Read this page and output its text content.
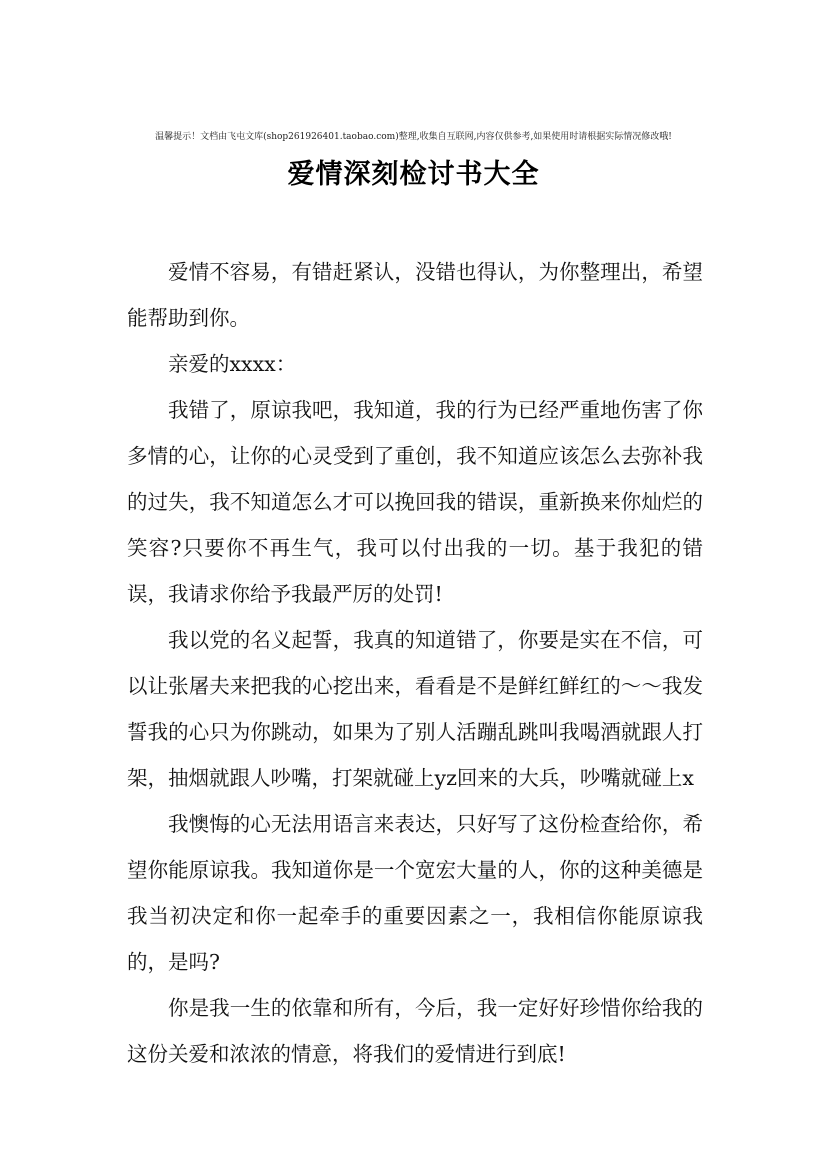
温馨提示！文档由飞屯文库(shop261926401.taobao.com)整理,收集自互联网,内容仅供参考,如果使用时请根据实际情况修改哦!
爱情深刻检讨书大全

爱情不容易，有错赶紧认，没错也得认，为你整理出，希望能帮助到你。

亲爱的xxxx：

我错了，原谅我吧，我知道，我的行为已经严重地伤害了你多情的心，让你的心灵受到了重创，我不知道应该怎么去弥补我的过失，我不知道怎么才可以挽回我的错误，重新换来你灿烂的笑容?只要你不再生气，我可以付出我的一切。基于我犯的错误，我请求你给予我最严厉的处罚!

我以党的名义起誓，我真的知道错了，你要是实在不信，可以让张屠夫来把我的心挖出来，看看是不是鲜红鲜红的～～我发誓我的心只为你跳动，如果为了别人活蹦乱跳叫我喝酒就跟人打架，抽烟就跟人吵嘴，打架就碰上yz回来的大兵，吵嘴就碰上x

我懊悔的心无法用语言来表达，只好写了这份检查给你，希望你能原谅我。我知道你是一个宽宏大量的人，你的这种美德是我当初决定和你一起牵手的重要因素之一，我相信你能原谅我的，是吗?

你是我一生的依靠和所有，今后，我一定好好珍惜你给我的这份关爱和浓浓的情意，将我们的爱情进行到底!
